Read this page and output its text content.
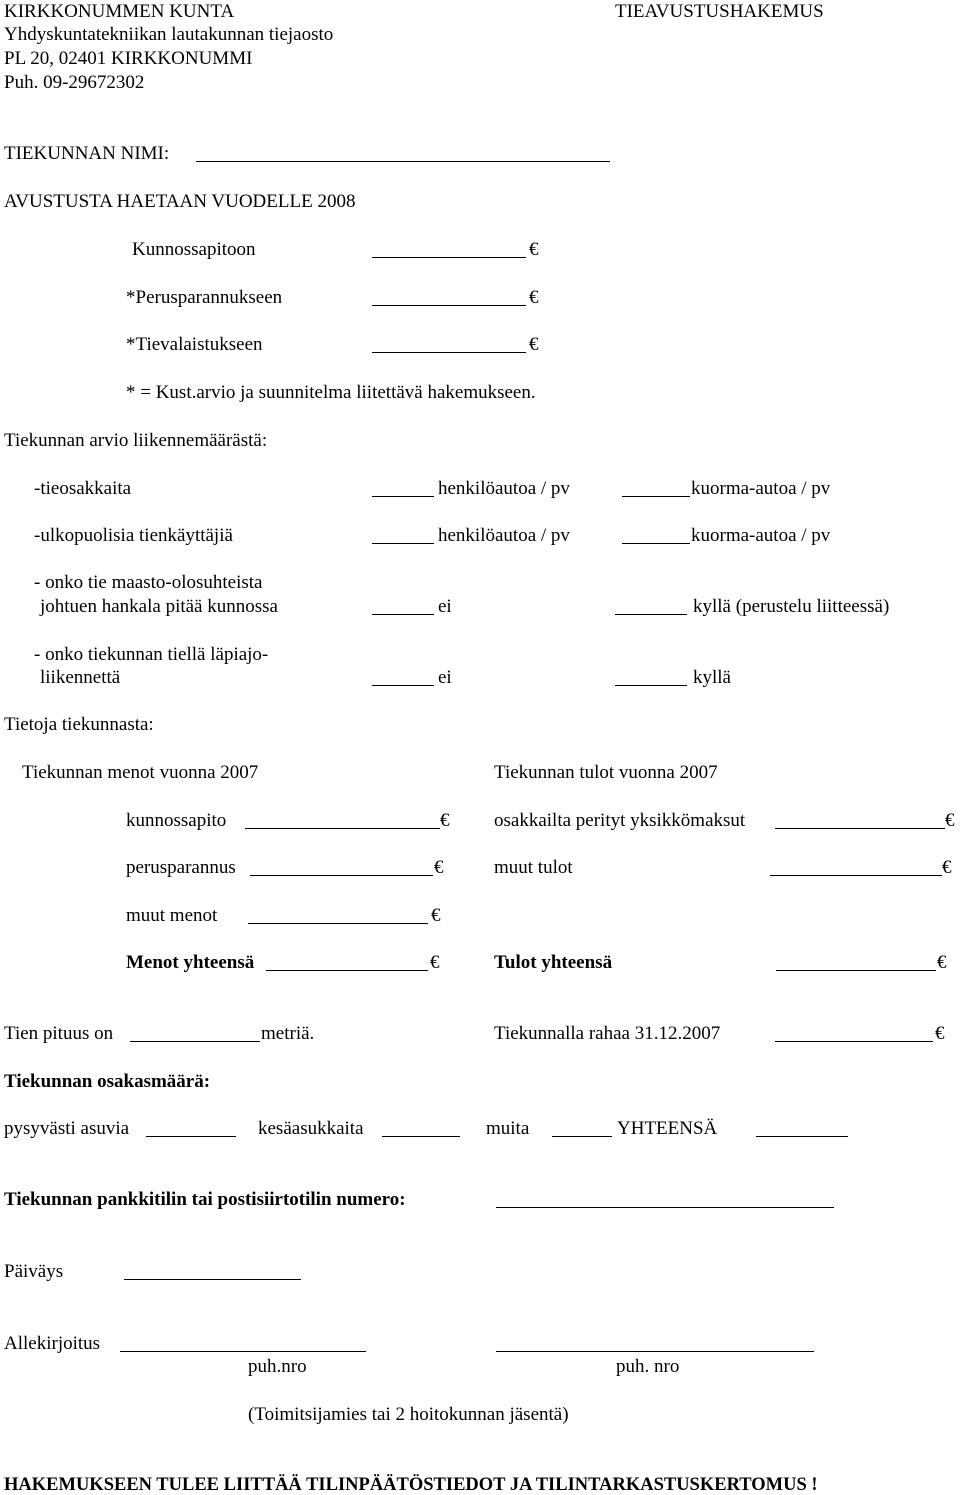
KIRKKONUMMEN KUNTA
Yhdyskuntatekniikan lautakunnan tiejaosto
PL 20, 02401 KIRKKONUMMI
Puh. 09-29672302
TIEAVUSTUSHAKEMUS
TIEKUNNAN NIMI:
AVUSTUSTA HAETAAN VUODELLE 2008
Kunnossapitoon	€
*Perusparannukseen	€
*Tievalaistukseen	€
* = Kust.arvio ja suunnitelma liitettävä hakemukseen.
Tiekunnan arvio liikennemäärästä:
-tieosakkaita	henkilöautoa / pv	kuorma-autoa / pv
-ulkopuolisia tienkäyttäjiä	henkilöautoa / pv	kuorma-autoa / pv
- onko tie maasto-olosuhteista
johtuen hankala pitää kunnossa	ei	kyllä (perustelu liitteessä)
- onko tiekunnan tiellä läpiajo-
liikennettä	ei	kyllä
Tietoja tiekunnasta:
Tiekunnan menot vuonna 2007	Tiekunnan tulot vuonna 2007
kunnossapito	€ osakkailta perityt yksikkömaksut	€
perusparannus	€	muut tulot	€
muut menot	€
Menot yhteensä	€	Tulot yhteensä	€
Tien pituus on	metriä.	Tiekunnalla rahaa 31.12.2007	€
Tiekunnan osakasmäärä:
pysyvästi asuvia	kesäasukkaita	muita	YHTEENSÄ
Tiekunnan pankkitilin tai postisiirtotilin numero:
Päiväys
Allekirjoitus
puh.nro	puh. nro
(Toimitsijamies tai 2 hoitokunnan jäsentä)
HAKEMUKSEEN TULEE LIITTÄÄ TILINPÄÄTÖSTIEDOT JA TILINTARKASTUSKERTOMUS !
